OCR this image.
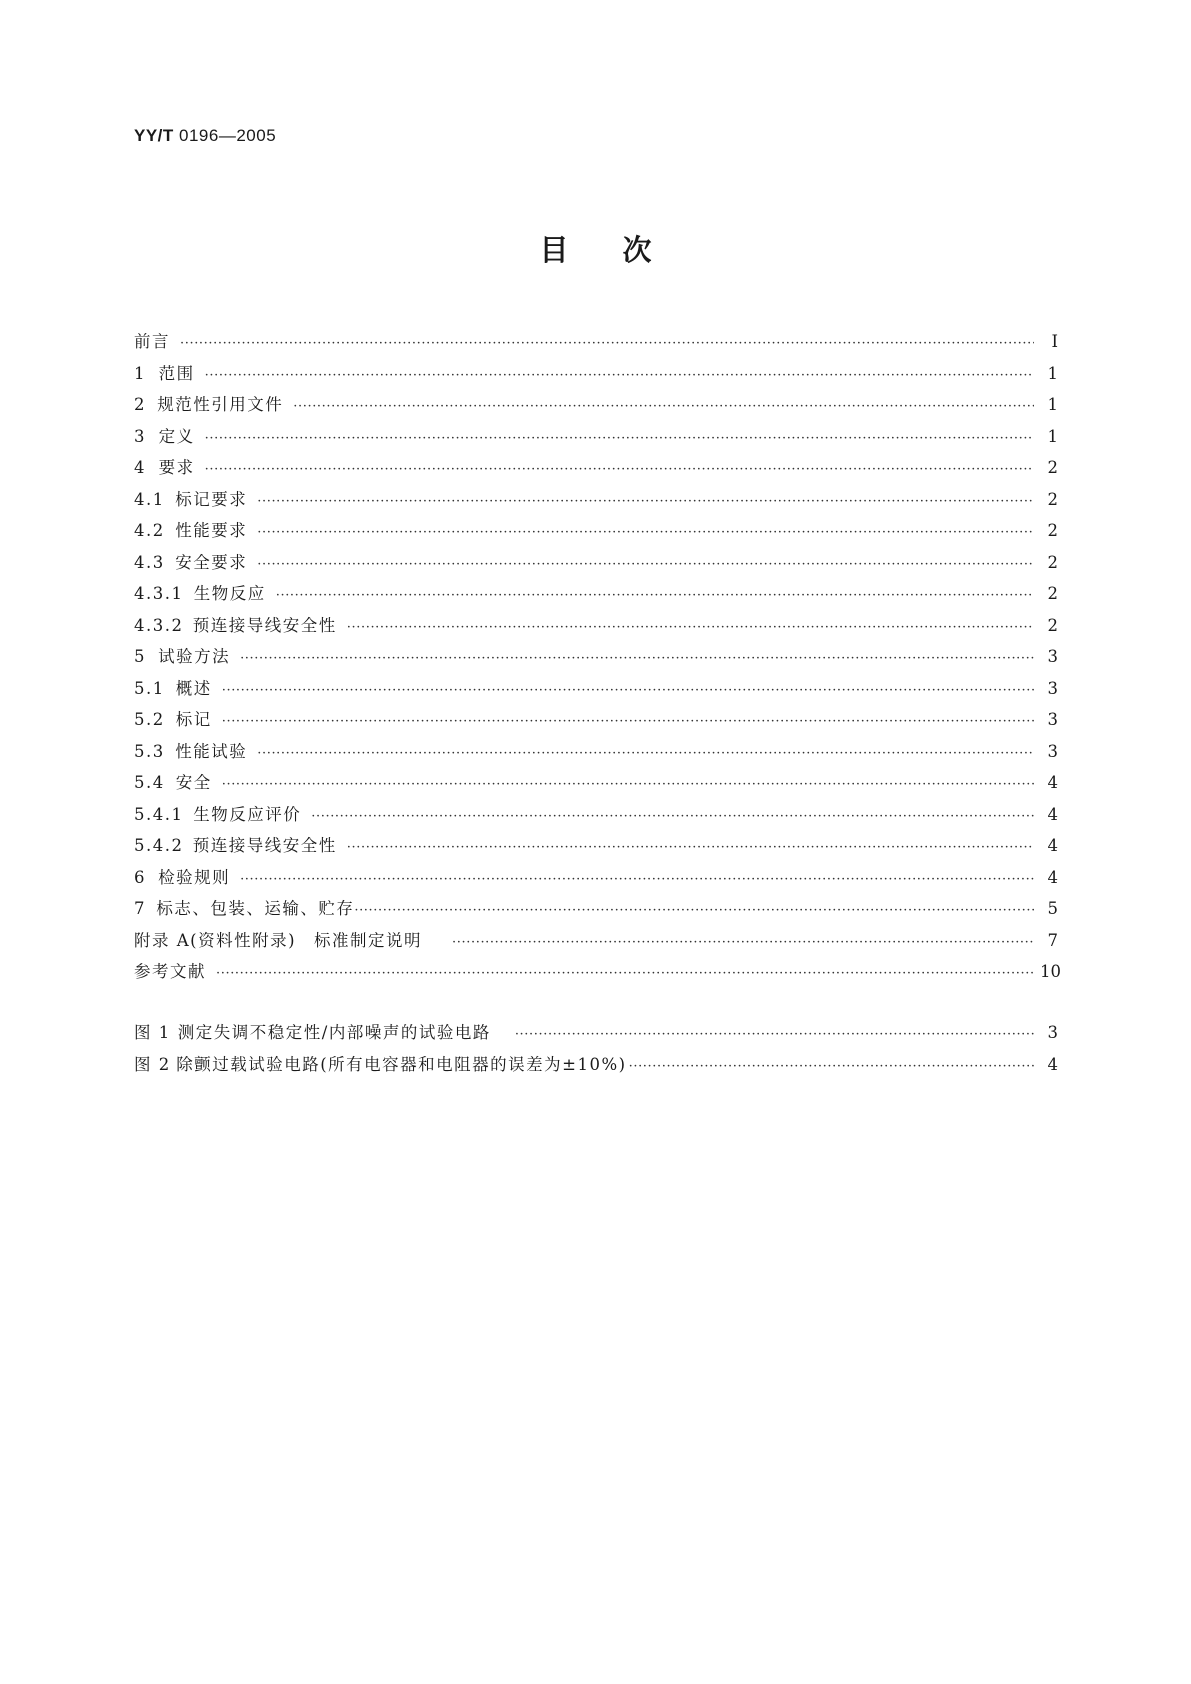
YY/T 0196—2005
目次
前言 ·····	Ⅰ
1 范围 ·····	1
2 规范性引用文件 ·····	1
3 定义 ·····	1
4 要求 ·····	2
4.1 标记要求 ·····	2
4.2 性能要求 ·····	2
4.3 安全要求 ·····	2
4.3.1 生物反应 ·····	2
4.3.2 预连接导线安全性 ·····	2
5 试验方法 ·····	3
5.1 概述 ·····	3
5.2 标记 ·····	3
5.3 性能试验 ·····	3
5.4 安全 ·····	4
5.4.1 生物反应评价 ·····	4
5.4.2 预连接导线安全性 ·····	4
6 检验规则 ·····	4
7 标志、包装、运输、贮存 ·····	5
附录 A(资料性附录)　标准制定说明 ·····	7
参考文献 ·····	10
图 1 测定失调不稳定性/内部噪声的试验电路 ·····	3
图 2 除颤过载试验电路(所有电容器和电阻器的误差为±10%) ·····	4
